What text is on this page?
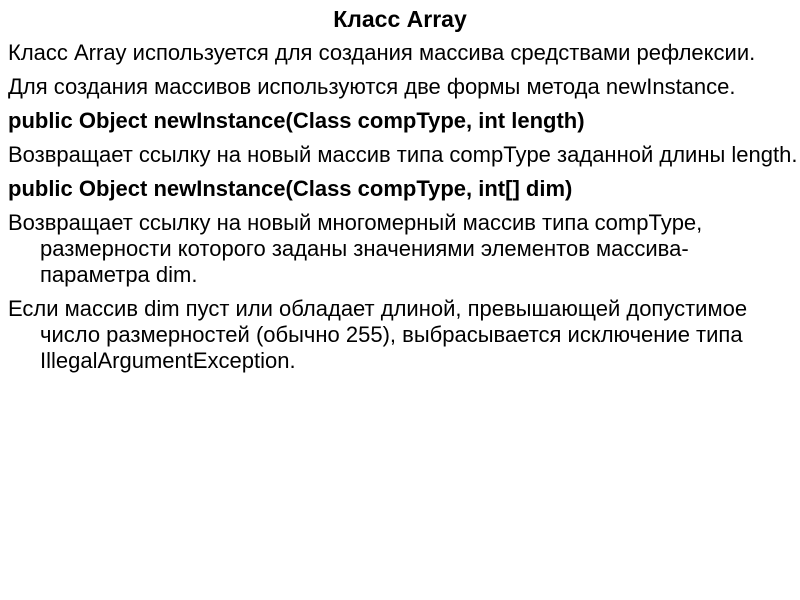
Класс Array

Класс Array используется для создания массива средствами рефлексии.

Для создания массивов используются две формы метода newInstance.

public Object newInstance(Class compType, int length)

Возвращает ссылку на новый массив типа compType заданной длины length.

public Object newInstance(Class compType, int[] dim)

Возвращает ссылку на новый многомерный массив типа compType, размерности которого заданы значениями элементов массива-параметра dim.

Если массив dim пуст или обладает длиной, превышающей допустимое число размерностей (обычно 255), выбрасывается исключение типа IllegalArgumentException.
